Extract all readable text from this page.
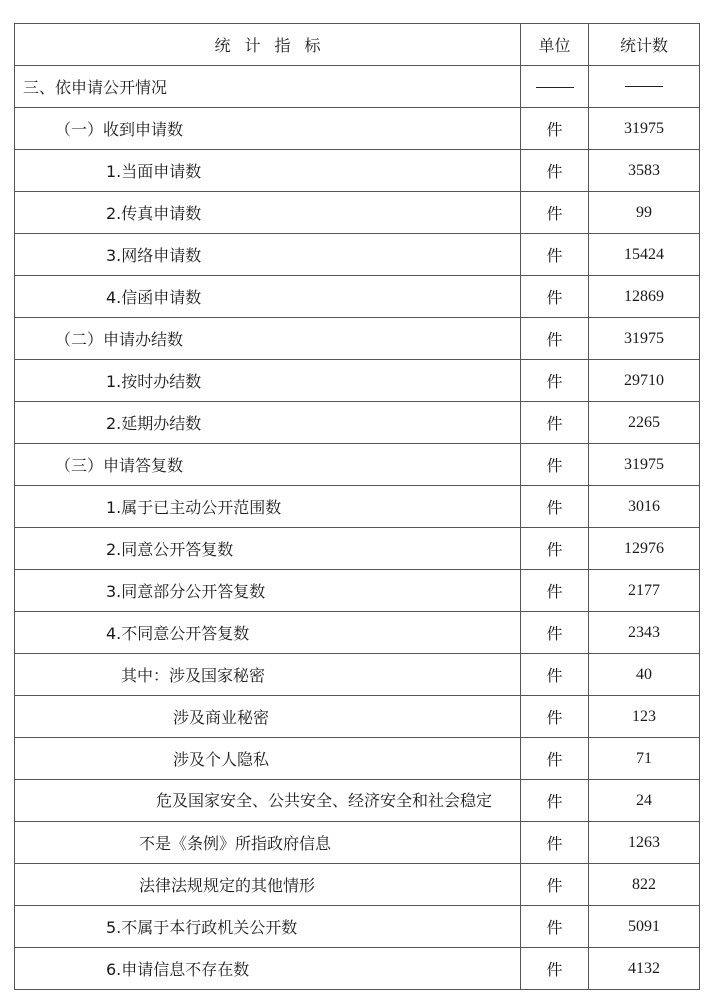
统计指标	单位	统计数
三、依申请公开情况		
（一）收到申请数	件	31975
1.当面申请数	件	3583
2.传真申请数	件	99
3.网络申请数	件	15424
4.信函申请数	件	12869
（二）申请办结数	件	31975
1.按时办结数	件	29710
2.延期办结数	件	2265
（三）申请答复数	件	31975
1.属于已主动公开范围数	件	3016
2.同意公开答复数	件	12976
3.同意部分公开答复数	件	2177
4.不同意公开答复数	件	2343
其中：涉及国家秘密	件	40
涉及商业秘密	件	123
涉及个人隐私	件	71
危及国家安全、公共安全、经济安全和社会稳定	件	24
不是《条例》所指政府信息	件	1263
法律法规规定的其他情形	件	822
5.不属于本行政机关公开数	件	5091
6.申请信息不存在数	件	4132
